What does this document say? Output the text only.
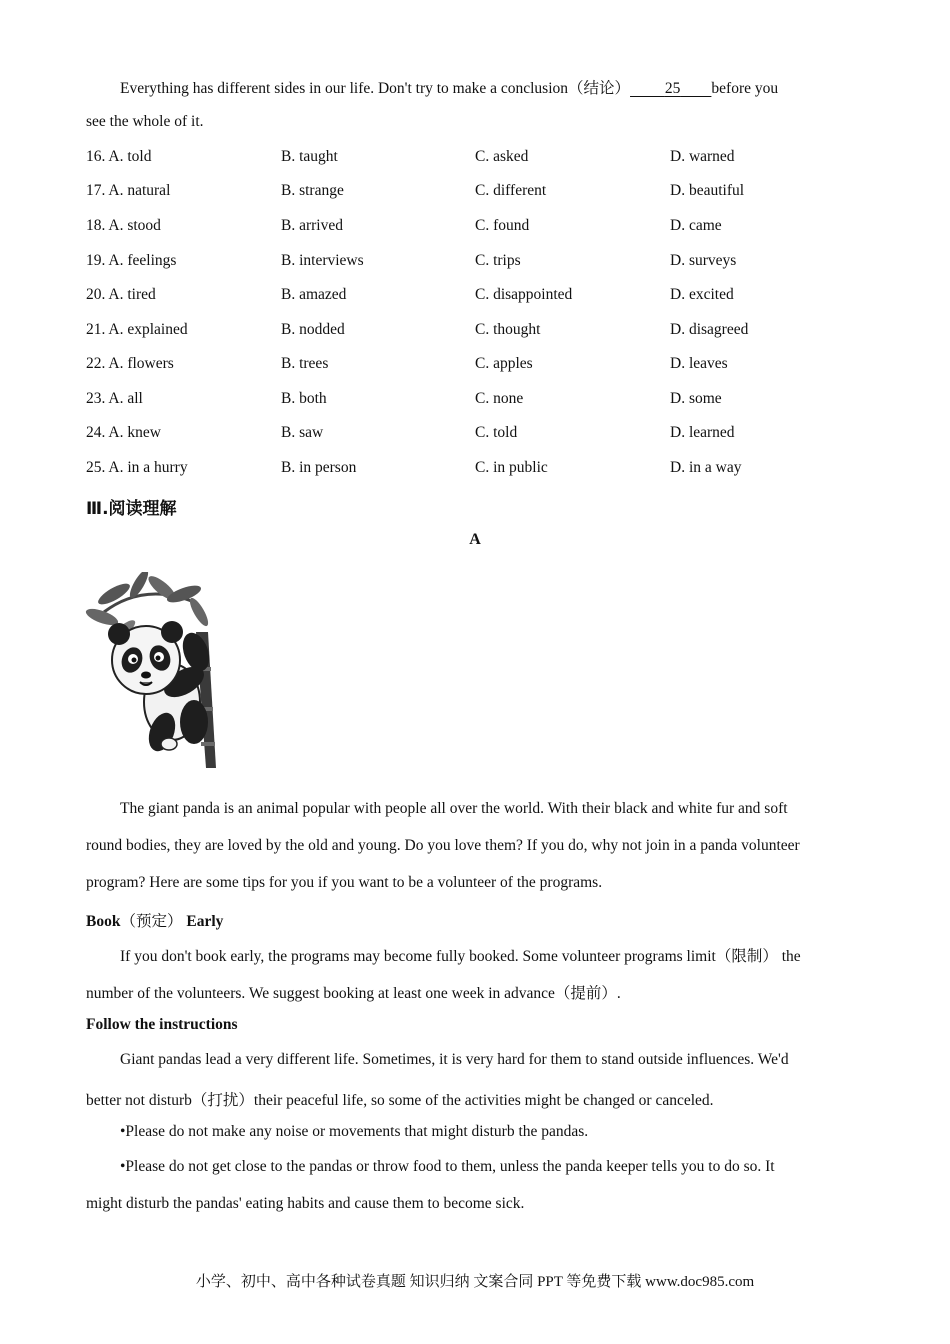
Everything has different sides in our life. Don't try to make a conclusion（结论） 25 before you
see the whole of it.
16. A. told	B. taught	C. asked	D. warned
17. A. natural	B. strange	C. different	D. beautiful
18. A. stood	B. arrived	C. found	D. came
19. A. feelings	B. interviews	C. trips	D. surveys
20. A. tired	B. amazed	C. disappointed	D. excited
21. A. explained	B. nodded	C. thought	D. disagreed
22. A. flowers	B. trees	C. apples	D. leaves
23. A. all	B. both	C. none	D. some
24. A. knew	B. saw	C. told	D. learned
25. A. in a hurry	B. in person	C. in public	D. in a way
Ⅲ.阅读理解
A
The giant panda is an animal popular with people all over the world. With their black and white fur and soft
round bodies, they are loved by the old and young. Do you love them? If you do, why not join in a panda volunteer
program? Here are some tips for you if you want to be a volunteer of the programs.
Book（预定） Early
If you don't book early, the programs may become fully booked. Some volunteer programs limit（限制） the
number of the volunteers. We suggest booking at least one week in advance（提前）.
Follow the instructions
Giant pandas lead a very different life. Sometimes, it is very hard for them to stand outside influences. We'd
better not disturb（打扰）their peaceful life, so some of the activities might be changed or canceled.
•Please do not make any noise or movements that might disturb the pandas.
•Please do not get close to the pandas or throw food to them, unless the panda keeper tells you to do so. It
might disturb the pandas' eating habits and cause them to become sick.
小学、初中、高中各种试卷真题 知识归纳 文案合同 PPT 等免费下载 www.doc985.com
